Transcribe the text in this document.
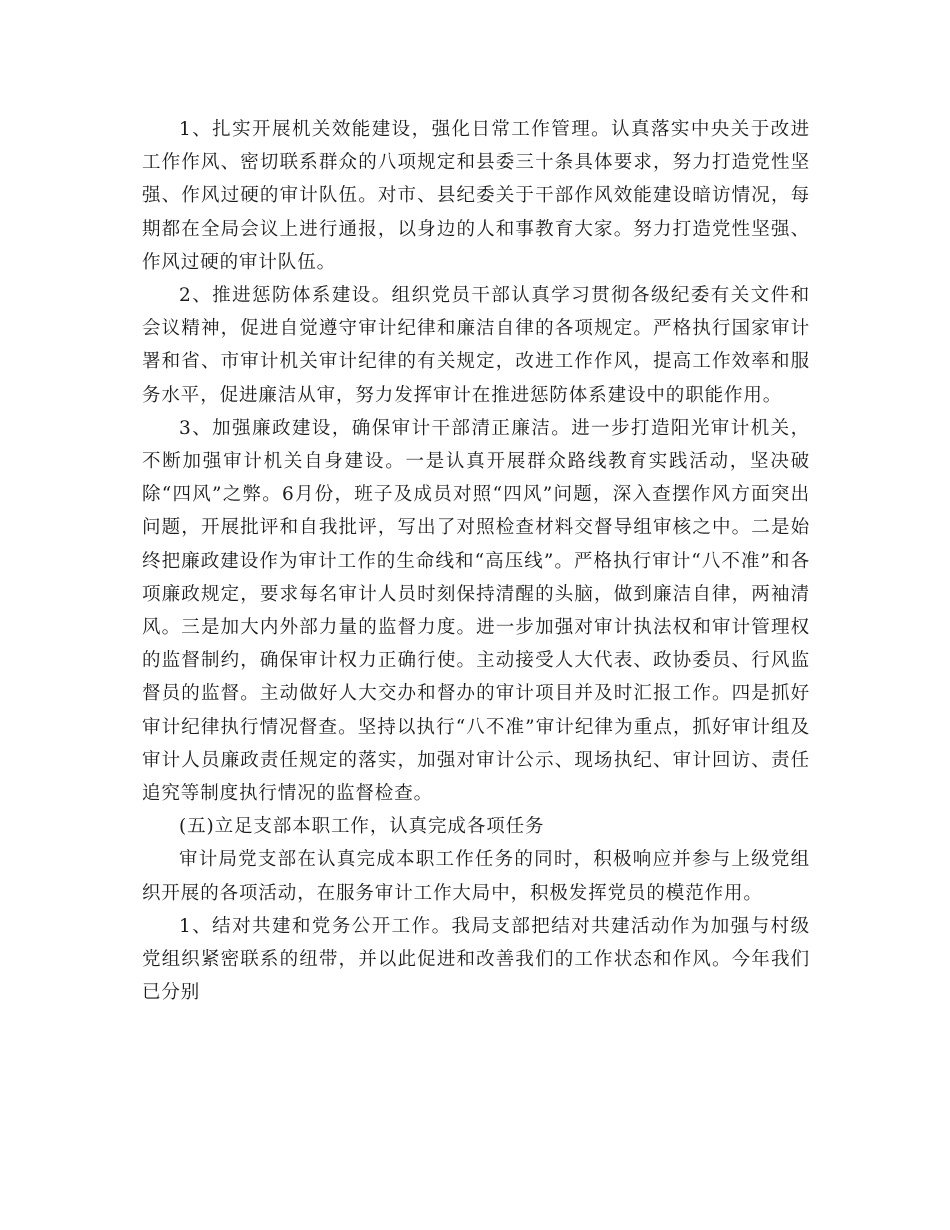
1、扎实开展机关效能建设，强化日常工作管理。认真落实中央关于改进工作作风、密切联系群众的八项规定和县委三十条具体要求，努力打造党性坚强、作风过硬的审计队伍。对市、县纪委关于干部作风效能建设暗访情况，每期都在全局会议上进行通报，以身边的人和事教育大家。努力打造党性坚强、作风过硬的审计队伍。

2、推进惩防体系建设。组织党员干部认真学习贯彻各级纪委有关文件和会议精神，促进自觉遵守审计纪律和廉洁自律的各项规定。严格执行国家审计署和省、市审计机关审计纪律的有关规定，改进工作作风，提高工作效率和服务水平，促进廉洁从审，努力发挥审计在推进惩防体系建设中的职能作用。

3、加强廉政建设，确保审计干部清正廉洁。进一步打造阳光审计机关，不断加强审计机关自身建设。一是认真开展群众路线教育实践活动，坚决破除“四风”之弊。6月份，班子及成员对照“四风”问题，深入查摆作风方面突出问题，开展批评和自我批评，写出了对照检查材料交督导组审核之中。二是始终把廉政建设作为审计工作的生命线和“高压线”。严格执行审计“八不准”和各项廉政规定，要求每名审计人员时刻保持清醒的头脑，做到廉洁自律，两袖清风。三是加大内外部力量的监督力度。进一步加强对审计执法权和审计管理权的监督制约，确保审计权力正确行使。主动接受人大代表、政协委员、行风监督员的监督。主动做好人大交办和督办的审计项目并及时汇报工作。四是抓好审计纪律执行情况督查。坚持以执行“八不准”审计纪律为重点，抓好审计组及审计人员廉政责任规定的落实，加强对审计公示、现场执纪、审计回访、责任追究等制度执行情况的监督检查。

(五)立足支部本职工作，认真完成各项任务

审计局党支部在认真完成本职工作任务的同时，积极响应并参与上级党组织开展的各项活动，在服务审计工作大局中，积极发挥党员的模范作用。

1、结对共建和党务公开工作。我局支部把结对共建活动作为加强与村级党组织紧密联系的纽带，并以此促进和改善我们的工作状态和作风。今年我们已分别
